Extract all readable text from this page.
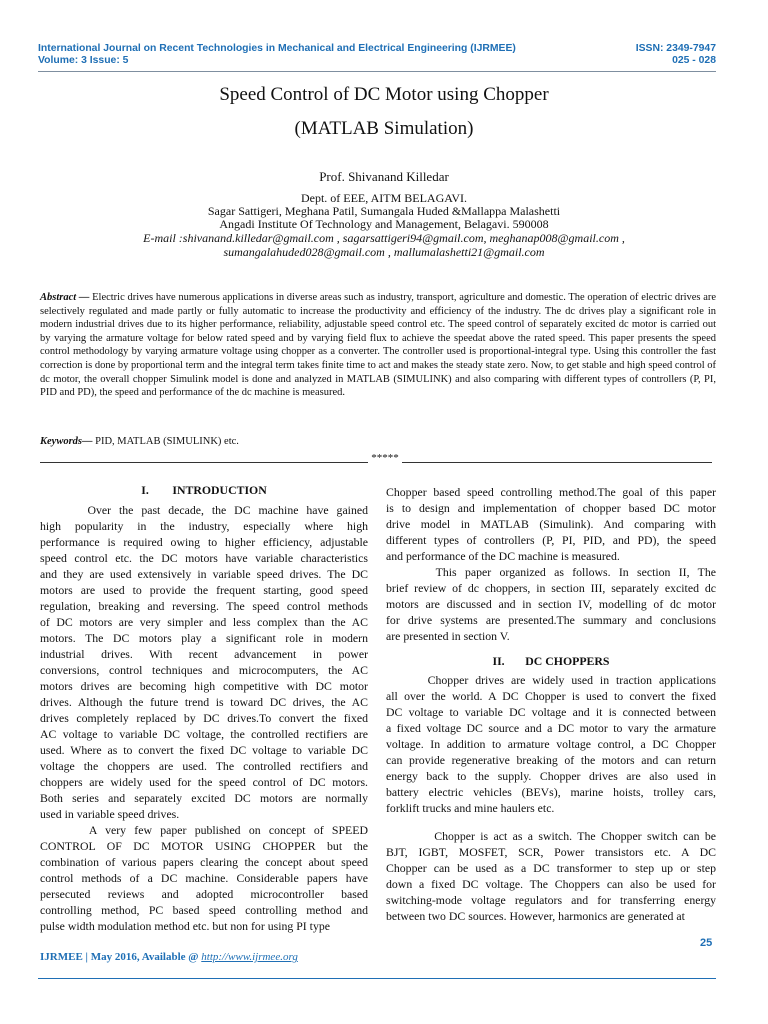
International Journal on Recent Technologies in Mechanical and Electrical Engineering (IJRMEE)
Volume: 3 Issue: 5
ISSN: 2349-7947
025 - 028
Speed Control of DC Motor using Chopper
(MATLAB Simulation)
Prof. Shivanand Killedar
Dept. of EEE, AITM BELAGAVI.
Sagar Sattigeri, Meghana Patil, Sumangala Huded &Mallappa Malashetti
Angadi Institute Of Technology and Management, Belagavi. 590008
E-mail :shivanand.killedar@gmail.com , sagarsattigeri94@gmail.com, meghanap008@gmail.com ,
sumangalahuded028@gmail.com , mallumalashetti21@gmail.com
Abstract — Electric drives have numerous applications in diverse areas such as industry, transport, agriculture and domestic. The operation of electric drives are selectively regulated and made partly or fully automatic to increase the productivity and efficiency of the industry. The dc drives play a significant role in modern industrial drives due to its higher performance, reliability, adjustable speed control etc. The speed control of separately excited dc motor is carried out by varying the armature voltage for below rated speed and by varying field flux to achieve the speedat above the rated speed. This paper presents the speed control methodology by varying armature voltage using chopper as a converter. The controller used is proportional-integral type. Using this controller the fast correction is done by proportional term and the integral term takes finite time to act and makes the steady state zero. Now, to get stable and high speed control of dc motor, the overall chopper Simulink model is done and analyzed in MATLAB (SIMULINK) and also comparing with different types of controllers (P, PI, PID and PD), the speed and performance of the dc machine is measured.
Keywords— PID, MATLAB (SIMULINK) etc.
*****
I.        INTRODUCTION
Over the past decade, the DC machine have gained
high popularity in the industry, especially where high
performance is required owing to higher efficiency, adjustable
speed control etc. the DC motors have variable characteristics
and they are used extensively in variable speed drives. The DC
motors are used to provide the frequent starting, good speed
regulation, breaking and reversing. The speed control methods
of DC motors are very simpler and less complex than the AC
motors. The DC motors play a significant role in modern
industrial drives. With recent advancement in power
conversions, control techniques and microcomputers, the AC
motors drives are becoming high competitive with DC motor
drives. Although the future trend is toward DC drives, the AC
drives completely replaced by DC drives.To convert the fixed
AC voltage to variable DC voltage, the controlled rectifiers are
used. Where as to convert the fixed DC voltage to variable DC
voltage the choppers are used. The controlled rectifiers and
choppers are widely used for the speed control of DC motors.
Both series and separately excited DC motors are normally
used in variable speed drives.
A very few paper published on concept of SPEED
CONTROL OF DC MOTOR USING CHOPPER but the
combination of various papers clearing the concept about speed
control methods of a DC machine. Considerable papers have
persecuted reviews and adopted microcontroller based
controlling method, PC based speed controlling method and
pulse width modulation method etc. but non for using PI type
Chopper based speed controlling method.The goal of this paper
is to design and implementation of chopper based DC motor
drive model in MATLAB (Simulink). And comparing with
different types of controllers (P, PI, PID, and PD), the speed
and performance of the DC machine is measured.
This paper organized as follows. In section II, The
brief review of dc choppers, in section III, separately excited dc
motors are discussed and in section IV, modelling of dc motor
for drive systems are presented.The summary and conclusions
are presented in section V.
II.       DC CHOPPERS
Chopper drives are widely used in traction applications
all over the world. A DC Chopper is used to convert the fixed
DC voltage to variable DC voltage and it is connected between
a fixed voltage DC source and a DC motor to vary the armature
voltage. In addition to armature voltage control, a DC Chopper
can provide regenerative breaking of the motors and can return
energy back to the supply. Chopper drives are also used in
battery electric vehicles (BEVs), marine hoists, trolley cars,
forklift trucks and mine haulers etc.
Chopper is act as a switch. The Chopper switch can be
BJT, IGBT, MOSFET, SCR, Power transistors etc. A DC
Chopper can be used as a DC transformer to step up or step
down a fixed DC voltage. The Choppers can also be used for
switching-mode voltage regulators and for transferring energy
between two DC sources. However, harmonics are generated at
25
IJRMEE | May 2016, Available @ http://www.ijrmee.org
